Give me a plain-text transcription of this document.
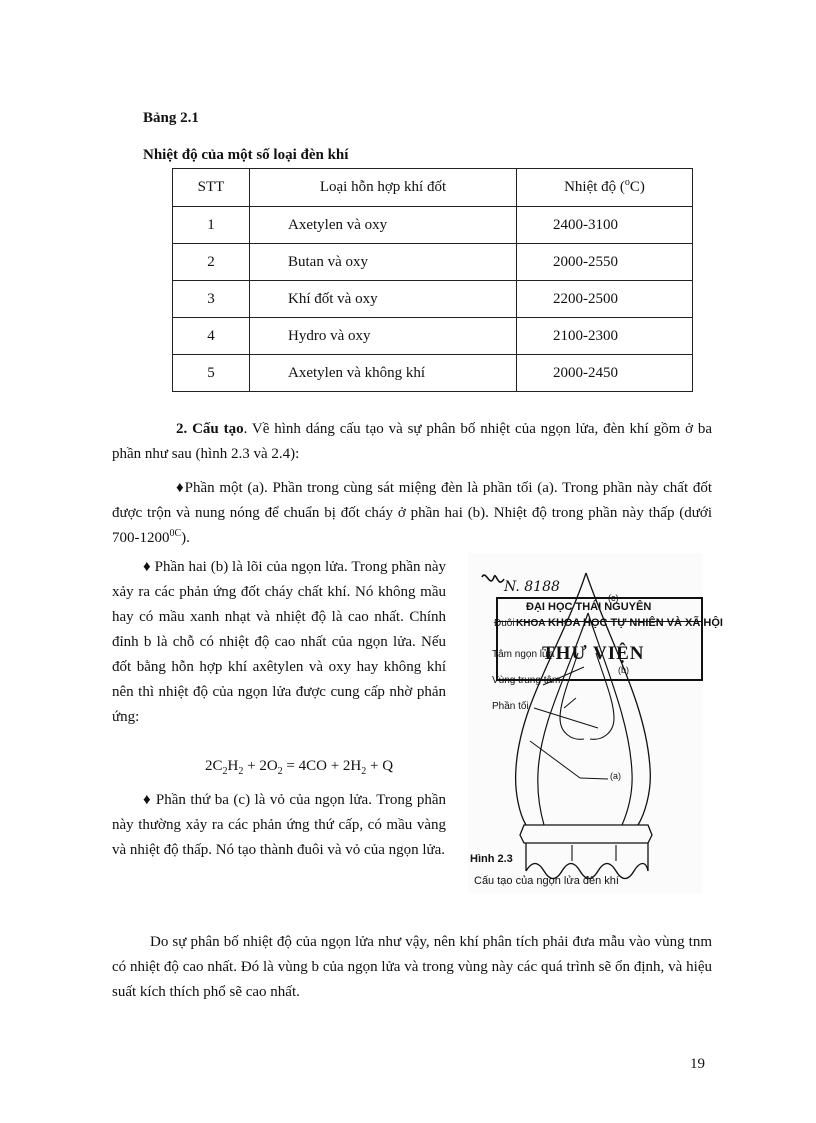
Bảng 2.1
Nhiệt độ của một số loại đèn khí
STT	Loại hỗn hợp khí đốt	Nhiệt độ ($^o$C)
1	Axetylen và oxy	2400-3100
2	Butan và oxy	2000-2550
3	Khí đốt và oxy	2200-2500
4	Hydro và oxy	2100-2300
5	Axetylen và không khí	2000-2450

2. Cấu tạo. Về hình dáng cấu tạo và sự phân bố nhiệt của ngọn lửa, đèn khí gồm ở ba phần như sau (hình 2.3 và 2.4):

♦Phần một (a). Phần trong cùng sát miệng đèn là phần tối (a). Trong phần này chất đốt được trộn và nung nóng để chuẩn bị đốt cháy ở phần hai (b). Nhiệt độ trong phần này thấp (dưới $700-1200^{0C}$).

♦ Phần hai (b) là lõi của ngọn lửa. Trong phần này xảy ra các phản ứng đốt cháy chất khí. Nó không mầu hay có mầu xanh nhạt và nhiệt độ là cao nhất. Chính đỉnh b là chỗ có nhiệt độ cao nhất của ngọn lửa. Nếu đốt bằng hỗn hợp khí axêtylen và oxy hay không khí nên thì nhiệt độ của ngọn lửa được cung cấp nhờ phản ứng:

$2C_2H_2 + 2O_2 = 4CO + 2H_2 + Q$

♦ Phần thứ ba (c) là vỏ của ngọn lửa. Trong phần này thường xảy ra các phản ứng thứ cấp, có mầu vàng và nhiệt độ thấp. Nó tạo thành đuôi và vỏ của ngọn lửa.

N. 8188
ĐẠI HỌC THÁI NGUYÊN
Đuôi KHOA KHOA HỌC TỰ NHIÊN VÀ XÃ HỘI
THƯ VIỆN
Tâm ngọn lửa
Vùng trung tâm
Phần tối
(b)
(c)
(a)
Hình 2.3
Cấu tạo của ngọn lửa đèn khí

Do sự phân bố nhiệt độ của ngọn lửa như vậy, nên khí phân tích phải đưa mẫu vào vùng tnm có nhiệt độ cao nhất. Đó là vùng b của ngọn lửa và trong vùng này các quá trình sẽ ổn định, và hiệu suất kích thích phổ sẽ cao nhất.

19
